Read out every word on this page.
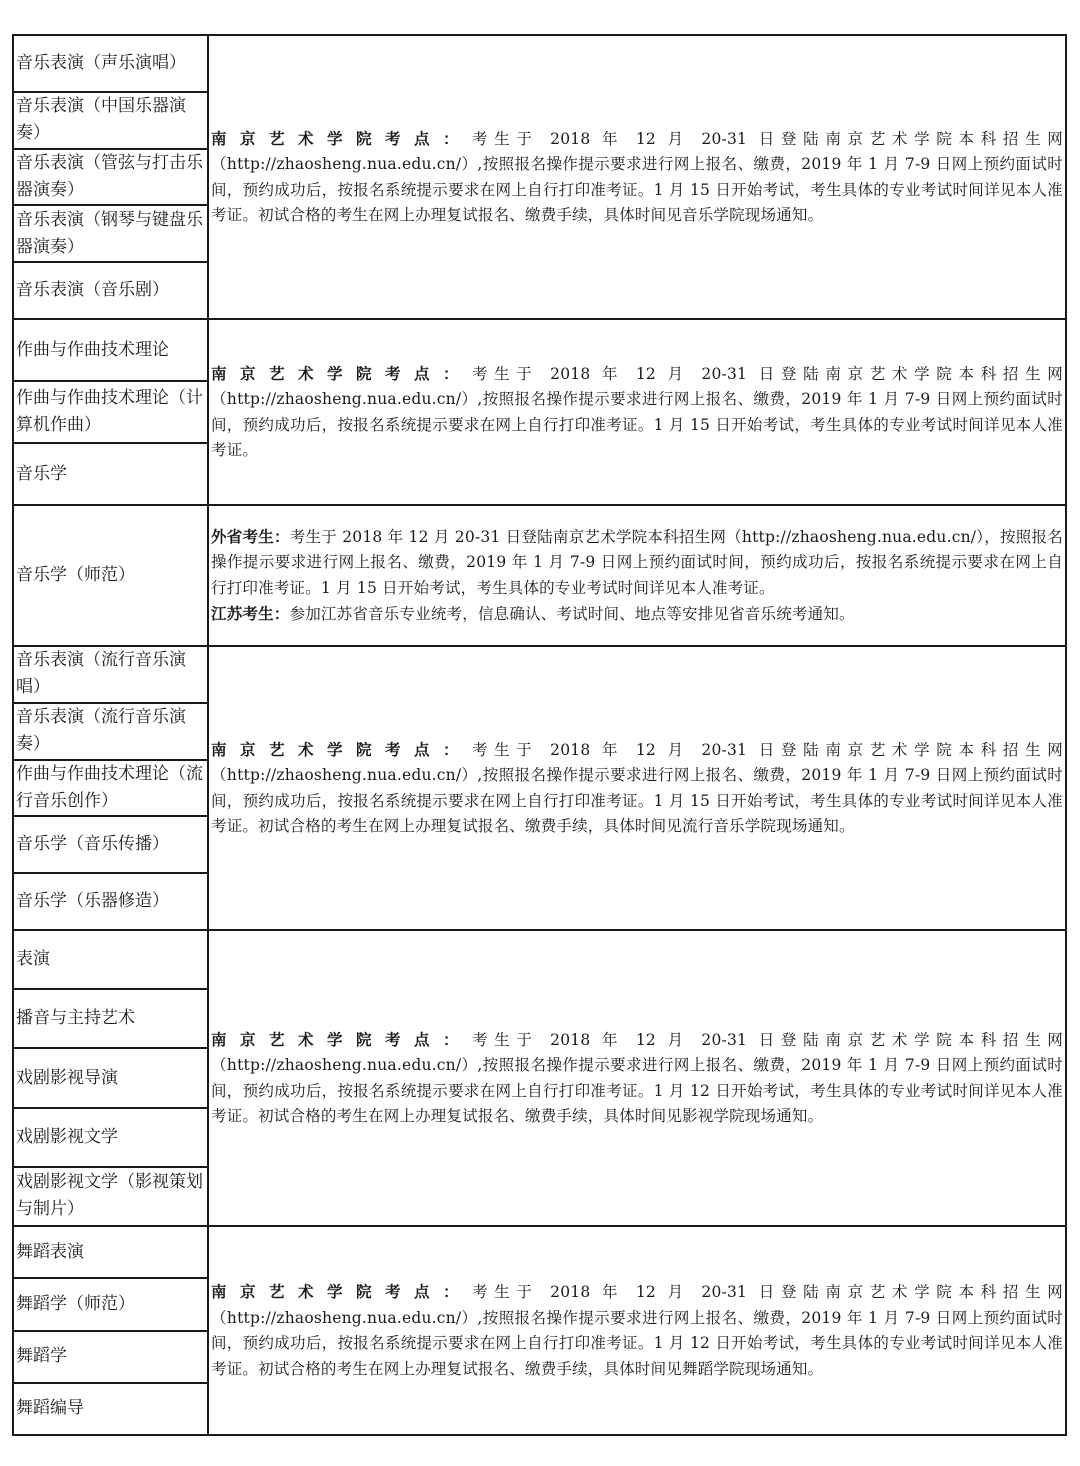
音乐表演（声乐演唱）
音乐表演（中国乐器演奏）
音乐表演（管弦与打击乐器演奏）
音乐表演（钢琴与键盘乐器演奏）
音乐表演（音乐剧）
南京艺术学院考点：考生于 2018 年 12 月 20-31 日登陆南京艺术学院本科招生网（http://zhaosheng.nua.edu.cn/）,按照报名操作提示要求进行网上报名、缴费，2019 年 1 月 7-9 日网上预约面试时间，预约成功后，按报名系统提示要求在网上自行打印准考证。1 月 15 日开始考试，考生具体的专业考试时间详见本人准考证。初试合格的考生在网上办理复试报名、缴费手续，具体时间见音乐学院现场通知。
作曲与作曲技术理论
作曲与作曲技术理论（计算机作曲）
音乐学
南京艺术学院考点：考生于 2018 年 12 月 20-31 日登陆南京艺术学院本科招生网（http://zhaosheng.nua.edu.cn/）,按照报名操作提示要求进行网上报名、缴费，2019 年 1 月 7-9 日网上预约面试时间，预约成功后，按报名系统提示要求在网上自行打印准考证。1 月 15 日开始考试，考生具体的专业考试时间详见本人准考证。
音乐学（师范）
外省考生：考生于 2018 年 12 月 20-31 日登陆南京艺术学院本科招生网（http://zhaosheng.nua.edu.cn/），按照报名操作提示要求进行网上报名、缴费，2019 年 1 月 7-9 日网上预约面试时间，预约成功后，按报名系统提示要求在网上自行打印准考证。1 月 15 日开始考试，考生具体的专业考试时间详见本人准考证。
江苏考生：参加江苏省音乐专业统考，信息确认、考试时间、地点等安排见省音乐统考通知。
音乐表演（流行音乐演唱）
音乐表演（流行音乐演奏）
作曲与作曲技术理论（流行音乐创作）
音乐学（音乐传播）
音乐学（乐器修造）
南京艺术学院考点：考生于 2018 年 12 月 20-31 日登陆南京艺术学院本科招生网（http://zhaosheng.nua.edu.cn/）,按照报名操作提示要求进行网上报名、缴费，2019 年 1 月 7-9 日网上预约面试时间，预约成功后，按报名系统提示要求在网上自行打印准考证。1 月 15 日开始考试，考生具体的专业考试时间详见本人准考证。初试合格的考生在网上办理复试报名、缴费手续，具体时间见流行音乐学院现场通知。
表演
播音与主持艺术
戏剧影视导演
戏剧影视文学
戏剧影视文学（影视策划与制片）
南京艺术学院考点：考生于 2018 年 12 月 20-31 日登陆南京艺术学院本科招生网（http://zhaosheng.nua.edu.cn/）,按照报名操作提示要求进行网上报名、缴费，2019 年 1 月 7-9 日网上预约面试时间，预约成功后，按报名系统提示要求在网上自行打印准考证。1 月 12 日开始考试，考生具体的专业考试时间详见本人准考证。初试合格的考生在网上办理复试报名、缴费手续，具体时间见影视学院现场通知。
舞蹈表演
舞蹈学（师范）
舞蹈学
舞蹈编导
南京艺术学院考点：考生于 2018 年 12 月 20-31 日登陆南京艺术学院本科招生网（http://zhaosheng.nua.edu.cn/）,按照报名操作提示要求进行网上报名、缴费，2019 年 1 月 7-9 日网上预约面试时间，预约成功后，按报名系统提示要求在网上自行打印准考证。1 月 12 日开始考试，考生具体的专业考试时间详见本人准考证。初试合格的考生在网上办理复试报名、缴费手续，具体时间见舞蹈学院现场通知。
